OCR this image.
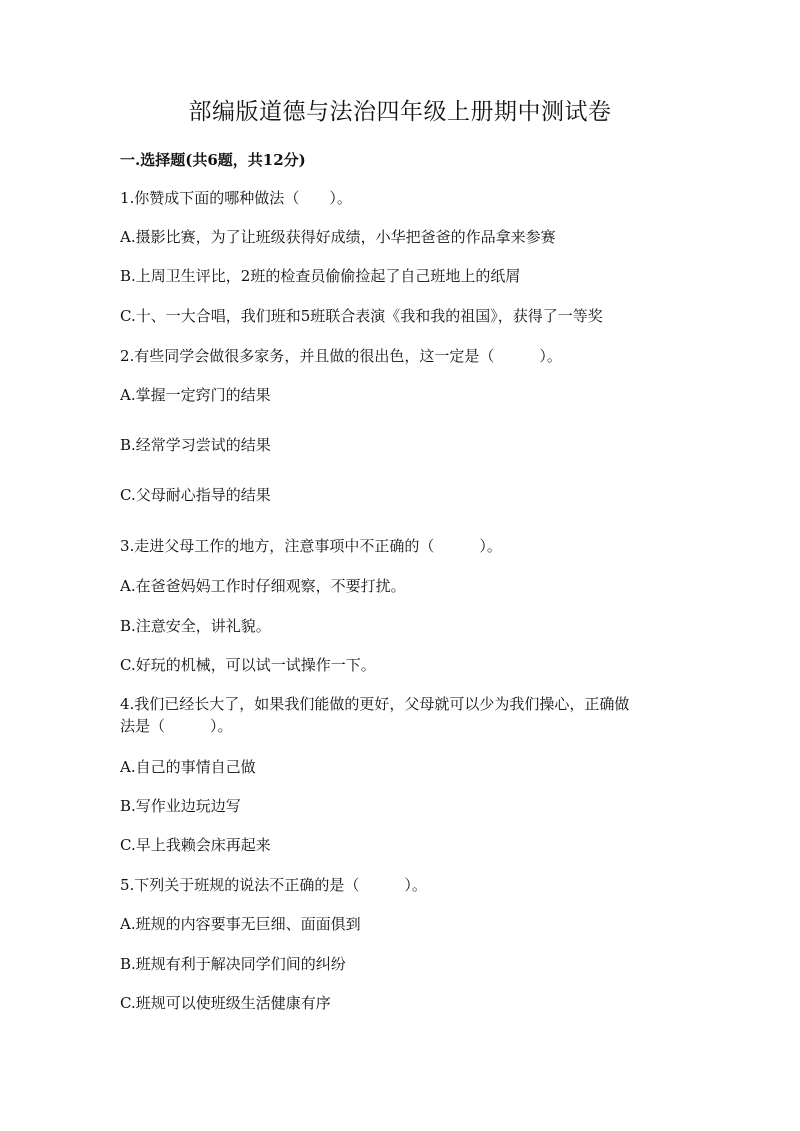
部编版道德与法治四年级上册期中测试卷
一.选择题(共6题，共12分)
1.你赞成下面的哪种做法（　　）。
A.摄影比赛，为了让班级获得好成绩，小华把爸爸的作品拿来参赛
B.上周卫生评比，2班的检查员偷偷捡起了自己班地上的纸屑
C.十、一大合唱，我们班和5班联合表演《我和我的祖国》，获得了一等奖
2.有些同学会做很多家务，并且做的很出色，这一定是（　　　）。
A.掌握一定窍门的结果
B.经常学习尝试的结果
C.父母耐心指导的结果
3.走进父母工作的地方，注意事项中不正确的（　　　）。
A.在爸爸妈妈工作时仔细观察，不要打扰。
B.注意安全，讲礼貌。
C.好玩的机械，可以试一试操作一下。
4.我们已经长大了，如果我们能做的更好，父母就可以少为我们操心，正确做
法是（　　　）。
A.自己的事情自己做
B.写作业边玩边写
C.早上我赖会床再起来
5.下列关于班规的说法不正确的是（　　　）。
A.班规的内容要事无巨细、面面俱到
B.班规有利于解决同学们间的纠纷
C.班规可以使班级生活健康有序
